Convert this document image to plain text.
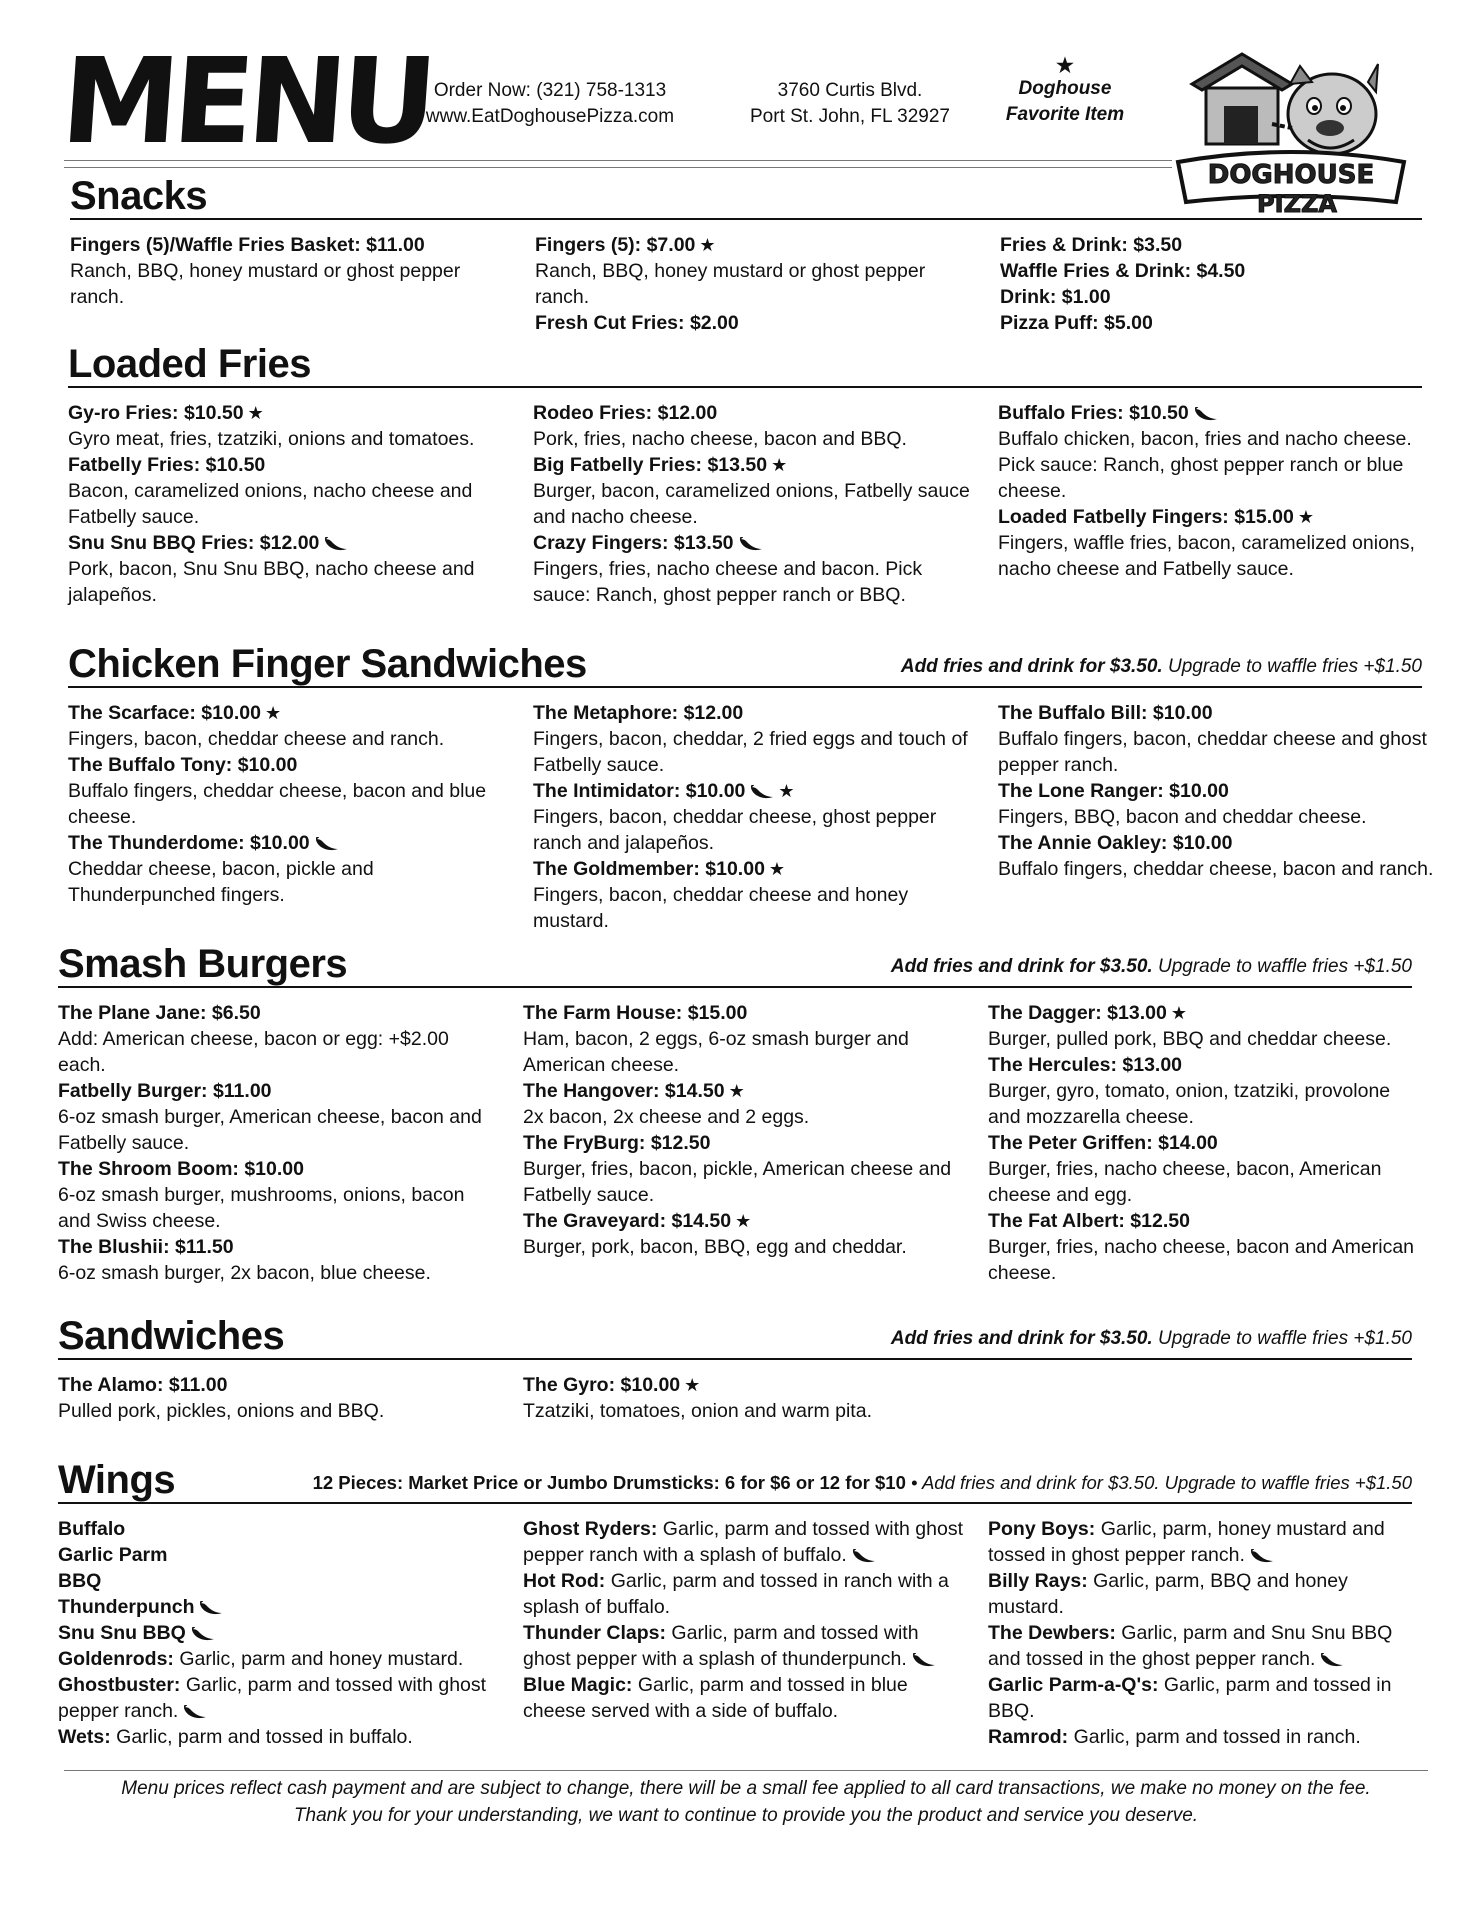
MENU
Order Now: (321) 758-1313
www.EatDoghousePizza.com
3760 Curtis Blvd.
Port St. John, FL 32927
★
Doghouse
Favorite Item
DOGHOUSE
PIZZA
Snacks
Fingers (5)/Waffle Fries Basket: $11.00
Ranch, BBQ, honey mustard or ghost pepper ranch.
Fingers (5): $7.00 ★
Ranch, BBQ, honey mustard or ghost pepper ranch.
Fresh Cut Fries: $2.00
Fries & Drink: $3.50
Waffle Fries & Drink: $4.50
Drink: $1.00
Pizza Puff: $5.00
Loaded Fries
Gy-ro Fries: $10.50 ★
Gyro meat, fries, tzatziki, onions and tomatoes.
Fatbelly Fries: $10.50
Bacon, caramelized onions, nacho cheese and Fatbelly sauce.
Snu Snu BBQ Fries: $12.00
Pork, bacon, Snu Snu BBQ, nacho cheese and jalapeños.
Rodeo Fries: $12.00
Pork, fries, nacho cheese, bacon and BBQ.
Big Fatbelly Fries: $13.50 ★
Burger, bacon, caramelized onions, Fatbelly sauce and nacho cheese.
Crazy Fingers: $13.50
Fingers, fries, nacho cheese and bacon. Pick sauce: Ranch, ghost pepper ranch or BBQ.
Buffalo Fries: $10.50
Buffalo chicken, bacon, fries and nacho cheese. Pick sauce: Ranch, ghost pepper ranch or blue cheese.
Loaded Fatbelly Fingers: $15.00 ★
Fingers, waffle fries, bacon, caramelized onions, nacho cheese and Fatbelly sauce.
Chicken Finger Sandwiches	Add fries and drink for $3.50. Upgrade to waffle fries +$1.50
The Scarface: $10.00 ★
Fingers, bacon, cheddar cheese and ranch.
The Buffalo Tony: $10.00
Buffalo fingers, cheddar cheese, bacon and blue cheese.
The Thunderdome: $10.00
Cheddar cheese, bacon, pickle and Thunderpunched fingers.
The Metaphore: $12.00
Fingers, bacon, cheddar, 2 fried eggs and touch of Fatbelly sauce.
The Intimidator: $10.00 ★
Fingers, bacon, cheddar cheese, ghost pepper ranch and jalapeños.
The Goldmember: $10.00 ★
Fingers, bacon, cheddar cheese and honey mustard.
The Buffalo Bill: $10.00
Buffalo fingers, bacon, cheddar cheese and ghost pepper ranch.
The Lone Ranger: $10.00
Fingers, BBQ, bacon and cheddar cheese.
The Annie Oakley: $10.00
Buffalo fingers, cheddar cheese, bacon and ranch.
Smash Burgers	Add fries and drink for $3.50. Upgrade to waffle fries +$1.50
The Plane Jane: $6.50
Add: American cheese, bacon or egg: +$2.00 each.
Fatbelly Burger: $11.00
6-oz smash burger, American cheese, bacon and Fatbelly sauce.
The Shroom Boom: $10.00
6-oz smash burger, mushrooms, onions, bacon and Swiss cheese.
The Blushii: $11.50
6-oz smash burger, 2x bacon, blue cheese.
The Farm House: $15.00
Ham, bacon, 2 eggs, 6-oz smash burger and American cheese.
The Hangover: $14.50 ★
2x bacon, 2x cheese and 2 eggs.
The FryBurg: $12.50
Burger, fries, bacon, pickle, American cheese and Fatbelly sauce.
The Graveyard: $14.50 ★
Burger, pork, bacon, BBQ, egg and cheddar.
The Dagger: $13.00 ★
Burger, pulled pork, BBQ and cheddar cheese.
The Hercules: $13.00
Burger, gyro, tomato, onion, tzatziki, provolone and mozzarella cheese.
The Peter Griffen: $14.00
Burger, fries, nacho cheese, bacon, American cheese and egg.
The Fat Albert: $12.50
Burger, fries, nacho cheese, bacon and American cheese.
Sandwiches	Add fries and drink for $3.50. Upgrade to waffle fries +$1.50
The Alamo: $11.00
Pulled pork, pickles, onions and BBQ.
The Gyro: $10.00 ★
Tzatziki, tomatoes, onion and warm pita.
Wings	12 Pieces: Market Price or Jumbo Drumsticks: 6 for $6 or 12 for $10 • Add fries and drink for $3.50. Upgrade to waffle fries +$1.50
Buffalo
Garlic Parm
BBQ
Thunderpunch
Snu Snu BBQ
Goldenrods: Garlic, parm and honey mustard.
Ghostbuster: Garlic, parm and tossed with ghost pepper ranch.
Wets: Garlic, parm and tossed in buffalo.
Ghost Ryders: Garlic, parm and tossed with ghost pepper ranch with a splash of buffalo.
Hot Rod: Garlic, parm and tossed in ranch with a splash of buffalo.
Thunder Claps: Garlic, parm and tossed with ghost pepper with a splash of thunderpunch.
Blue Magic: Garlic, parm and tossed in blue cheese served with a side of buffalo.
Pony Boys: Garlic, parm, honey mustard and tossed in ghost pepper ranch.
Billy Rays: Garlic, parm, BBQ and honey mustard.
The Dewbers: Garlic, parm and Snu Snu BBQ and tossed in the ghost pepper ranch.
Garlic Parm-a-Q's: Garlic, parm and tossed in BBQ.
Ramrod: Garlic, parm and tossed in ranch.
Menu prices reflect cash payment and are subject to change, there will be a small fee applied to all card transactions, we make no money on the fee.
Thank you for your understanding, we want to continue to provide you the product and service you deserve.
